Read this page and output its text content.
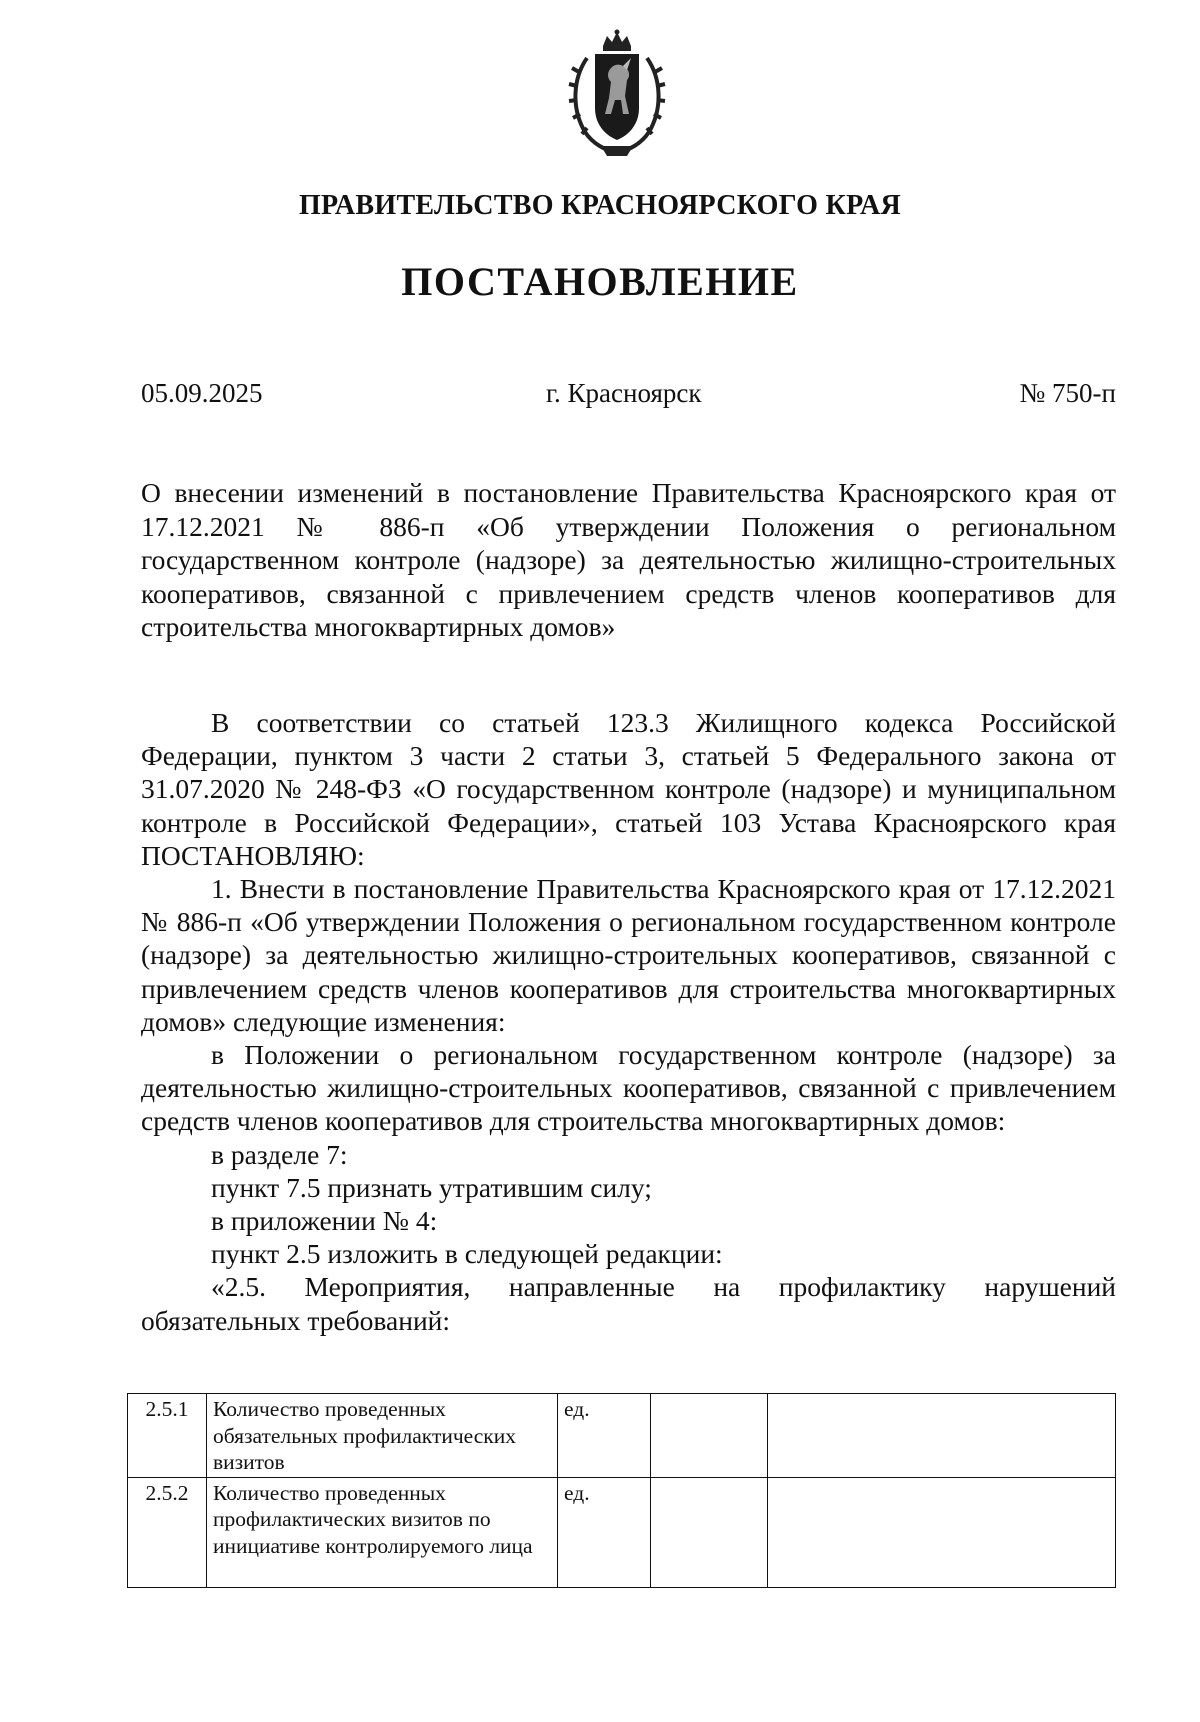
ПРАВИТЕЛЬСТВО КРАСНОЯРСКОГО КРАЯ
ПОСТАНОВЛЕНИЕ
05.09.2025	г. Красноярск	№ 750-п
О внесении изменений в постановление Правительства Красноярского края от 17.12.2021 № 886-п «Об утверждении Положения о региональном государственном контроле (надзоре) за деятельностью жилищно-строительных кооперативов, связанной с привлечением средств членов кооперативов для строительства многоквартирных домов»

В соответствии со статьей 123.3 Жилищного кодекса Российской Федерации, пунктом 3 части 2 статьи 3, статьей 5 Федерального закона от 31.07.2020 № 248-ФЗ «О государственном контроле (надзоре) и муниципальном контроле в Российской Федерации», статьей 103 Устава Красноярского края ПОСТАНОВЛЯЮ:

1. Внести в постановление Правительства Красноярского края от 17.12.2021 № 886-п «Об утверждении Положения о региональном государственном контроле (надзоре) за деятельностью жилищно-строительных кооперативов, связанной с привлечением средств членов кооперативов для строительства многоквартирных домов» следующие изменения:

в Положении о региональном государственном контроле (надзоре) за деятельностью жилищно-строительных кооперативов, связанной с привлечением средств членов кооперативов для строительства многоквартирных домов:

в разделе 7:

пункт 7.5 признать утратившим силу;

в приложении № 4:

пункт 2.5 изложить в следующей редакции:

«2.5. Мероприятия, направленные на профилактику нарушений обязательных требований:

2.5.1	Количество проведенных обязательных профилактических визитов	ед.		
2.5.2	Количество проведенных профилактических визитов по инициативе контролируемого лица	ед.		
